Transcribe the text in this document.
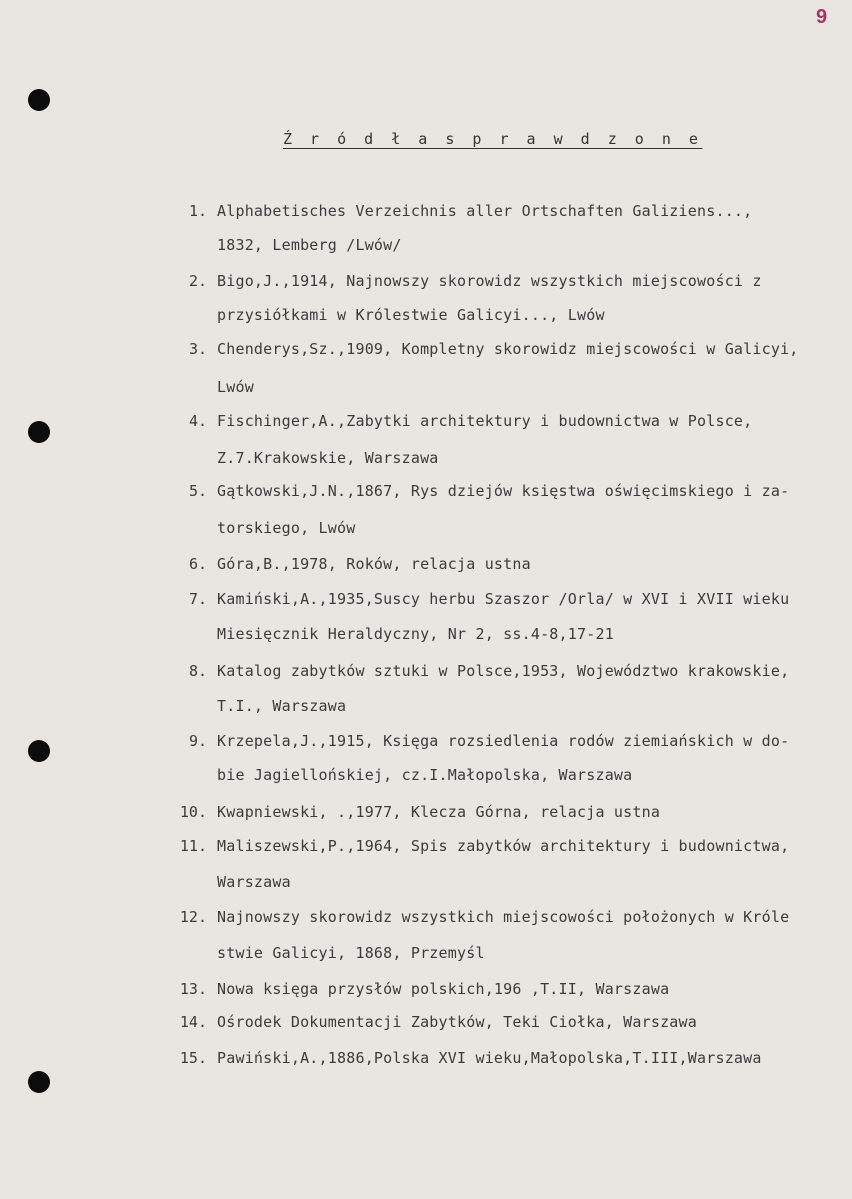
9
Ź r ó d ł a s p r a w d z o n e
1. Alphabetisches Verzeichnis aller Ortschaften Galiziens...,
1832, Lemberg /Lwów/
2. Bigo,J.,1914, Najnowszy skorowidz wszystkich miejscowości z
przysiółkami w Królestwie Galicyi..., Lwów
3. Chenderys,Sz.,1909, Kompletny skorowidz miejscowości w Galicyi,
Lwów
4. Fischinger,A.,Zabytki architektury i budownictwa w Polsce,
Z.7.Krakowskie, Warszawa
5. Gątkowski,J.N.,1867, Rys dziejów księstwa oświęcimskiego i za-
torskiego, Lwów
6. Góra,B.,1978, Roków, relacja ustna
7. Kamiński,A.,1935,Suscy herbu Szaszor /Orla/ w XVI i XVII wieku
Miesięcznik Heraldyczny, Nr 2, ss.4-8,17-21
8. Katalog zabytków sztuki w Polsce,1953, Województwo krakowskie,
T.I., Warszawa
9. Krzepela,J.,1915, Księga rozsiedlenia rodów ziemiańskich w do-
bie Jagiellońskiej, cz.I.Małopolska, Warszawa
10. Kwapniewski, .,1977, Klecza Górna, relacja ustna
11. Maliszewski,P.,1964, Spis zabytków architektury i budownictwa,
Warszawa
12. Najnowszy skorowidz wszystkich miejscowości położonych w Króle
stwie Galicyi, 1868, Przemyśl
13. Nowa księga przysłów polskich,196 ,T.II, Warszawa
14. Ośrodek Dokumentacji Zabytków, Teki Ciołka, Warszawa
15. Pawiński,A.,1886,Polska XVI wieku,Małopolska,T.III,Warszawa
